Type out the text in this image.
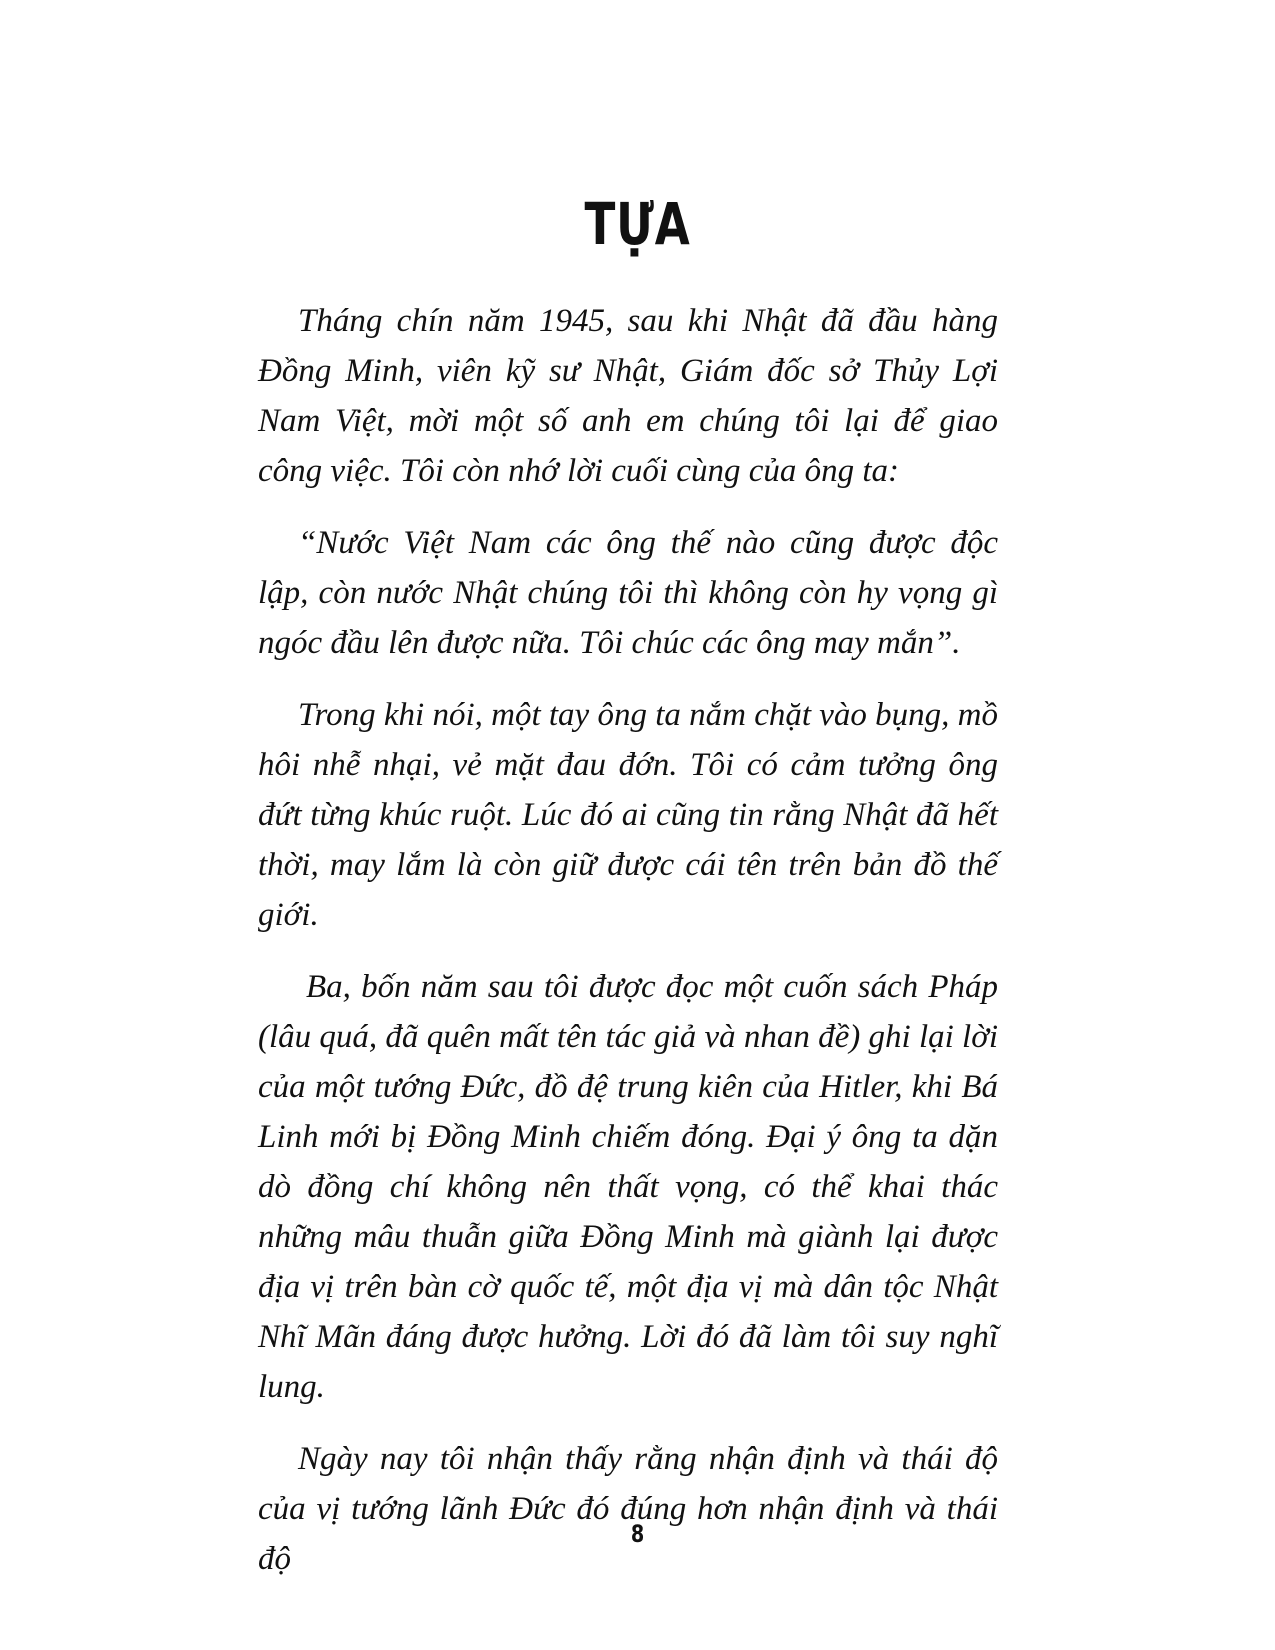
TỰA

Tháng chín năm 1945, sau khi Nhật đã đầu hàng Đồng Minh, viên kỹ sư Nhật, Giám đốc sở Thủy Lợi Nam Việt, mời một số anh em chúng tôi lại để giao công việc. Tôi còn nhớ lời cuối cùng của ông ta:

“Nước Việt Nam các ông thế nào cũng được độc lập, còn nước Nhật chúng tôi thì không còn hy vọng gì ngóc đầu lên được nữa. Tôi chúc các ông may mắn”.

Trong khi nói, một tay ông ta nắm chặt vào bụng, mồ hôi nhễ nhại, vẻ mặt đau đớn. Tôi có cảm tưởng ông đứt từng khúc ruột. Lúc đó ai cũng tin rằng Nhật đã hết thời, may lắm là còn giữ được cái tên trên bản đồ thế giới.

Ba, bốn năm sau tôi được đọc một cuốn sách Pháp (lâu quá, đã quên mất tên tác giả và nhan đề) ghi lại lời của một tướng Đức, đồ đệ trung kiên của Hitler, khi Bá Linh mới bị Đồng Minh chiếm đóng. Đại ý ông ta dặn dò đồng chí không nên thất vọng, có thể khai thác những mâu thuẫn giữa Đồng Minh mà giành lại được địa vị trên bàn cờ quốc tế, một địa vị mà dân tộc Nhật Nhĩ Mãn đáng được hưởng. Lời đó đã làm tôi suy nghĩ lung.

Ngày nay tôi nhận thấy rằng nhận định và thái độ của vị tướng lãnh Đức đó đúng hơn nhận định và thái độ

8
